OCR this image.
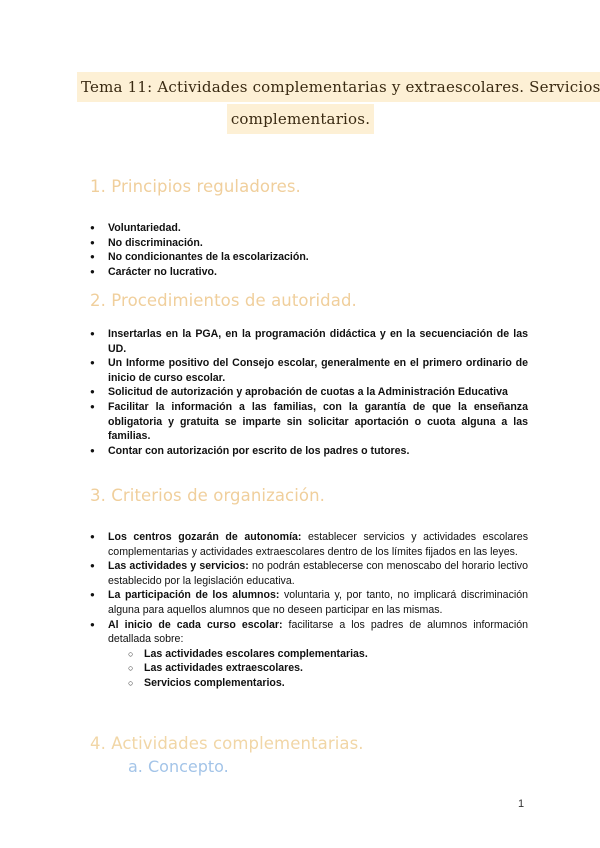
Tema 11: Actividades complementarias y extraescolares. Servicios
complementarios.
1. Principios reguladores.
● Voluntariedad.
● No discriminación.
● No condicionantes de la escolarización.
● Carácter no lucrativo.
2. Procedimientos de autoridad.
● Insertarlas en la PGA, en la programación didáctica y en la secuenciación de las UD.
● Un Informe positivo del Consejo escolar, generalmente en el primero ordinario de inicio de curso escolar.
● Solicitud de autorización y aprobación de cuotas a la Administración Educativa
● Facilitar la información a las familias, con la garantía de que la enseñanza obligatoria y gratuita se imparte sin solicitar aportación o cuota alguna a las familias.
● Contar con autorización por escrito de los padres o tutores.
3. Criterios de organización.
● Los centros gozarán de autonomía: establecer servicios y actividades escolares complementarias y actividades extraescolares dentro de los límites fijados en las leyes.
● Las actividades y servicios: no podrán establecerse con menoscabo del horario lectivo establecido por la legislación educativa.
● La participación de los alumnos: voluntaria y, por tanto, no implicará discriminación alguna para aquellos alumnos que no deseen participar en las mismas.
● Al inicio de cada curso escolar: facilitarse a los padres de alumnos información detallada sobre:
○ Las actividades escolares complementarias.
○ Las actividades extraescolares.
○ Servicios complementarios.
4. Actividades complementarias.
a. Concepto.
1
